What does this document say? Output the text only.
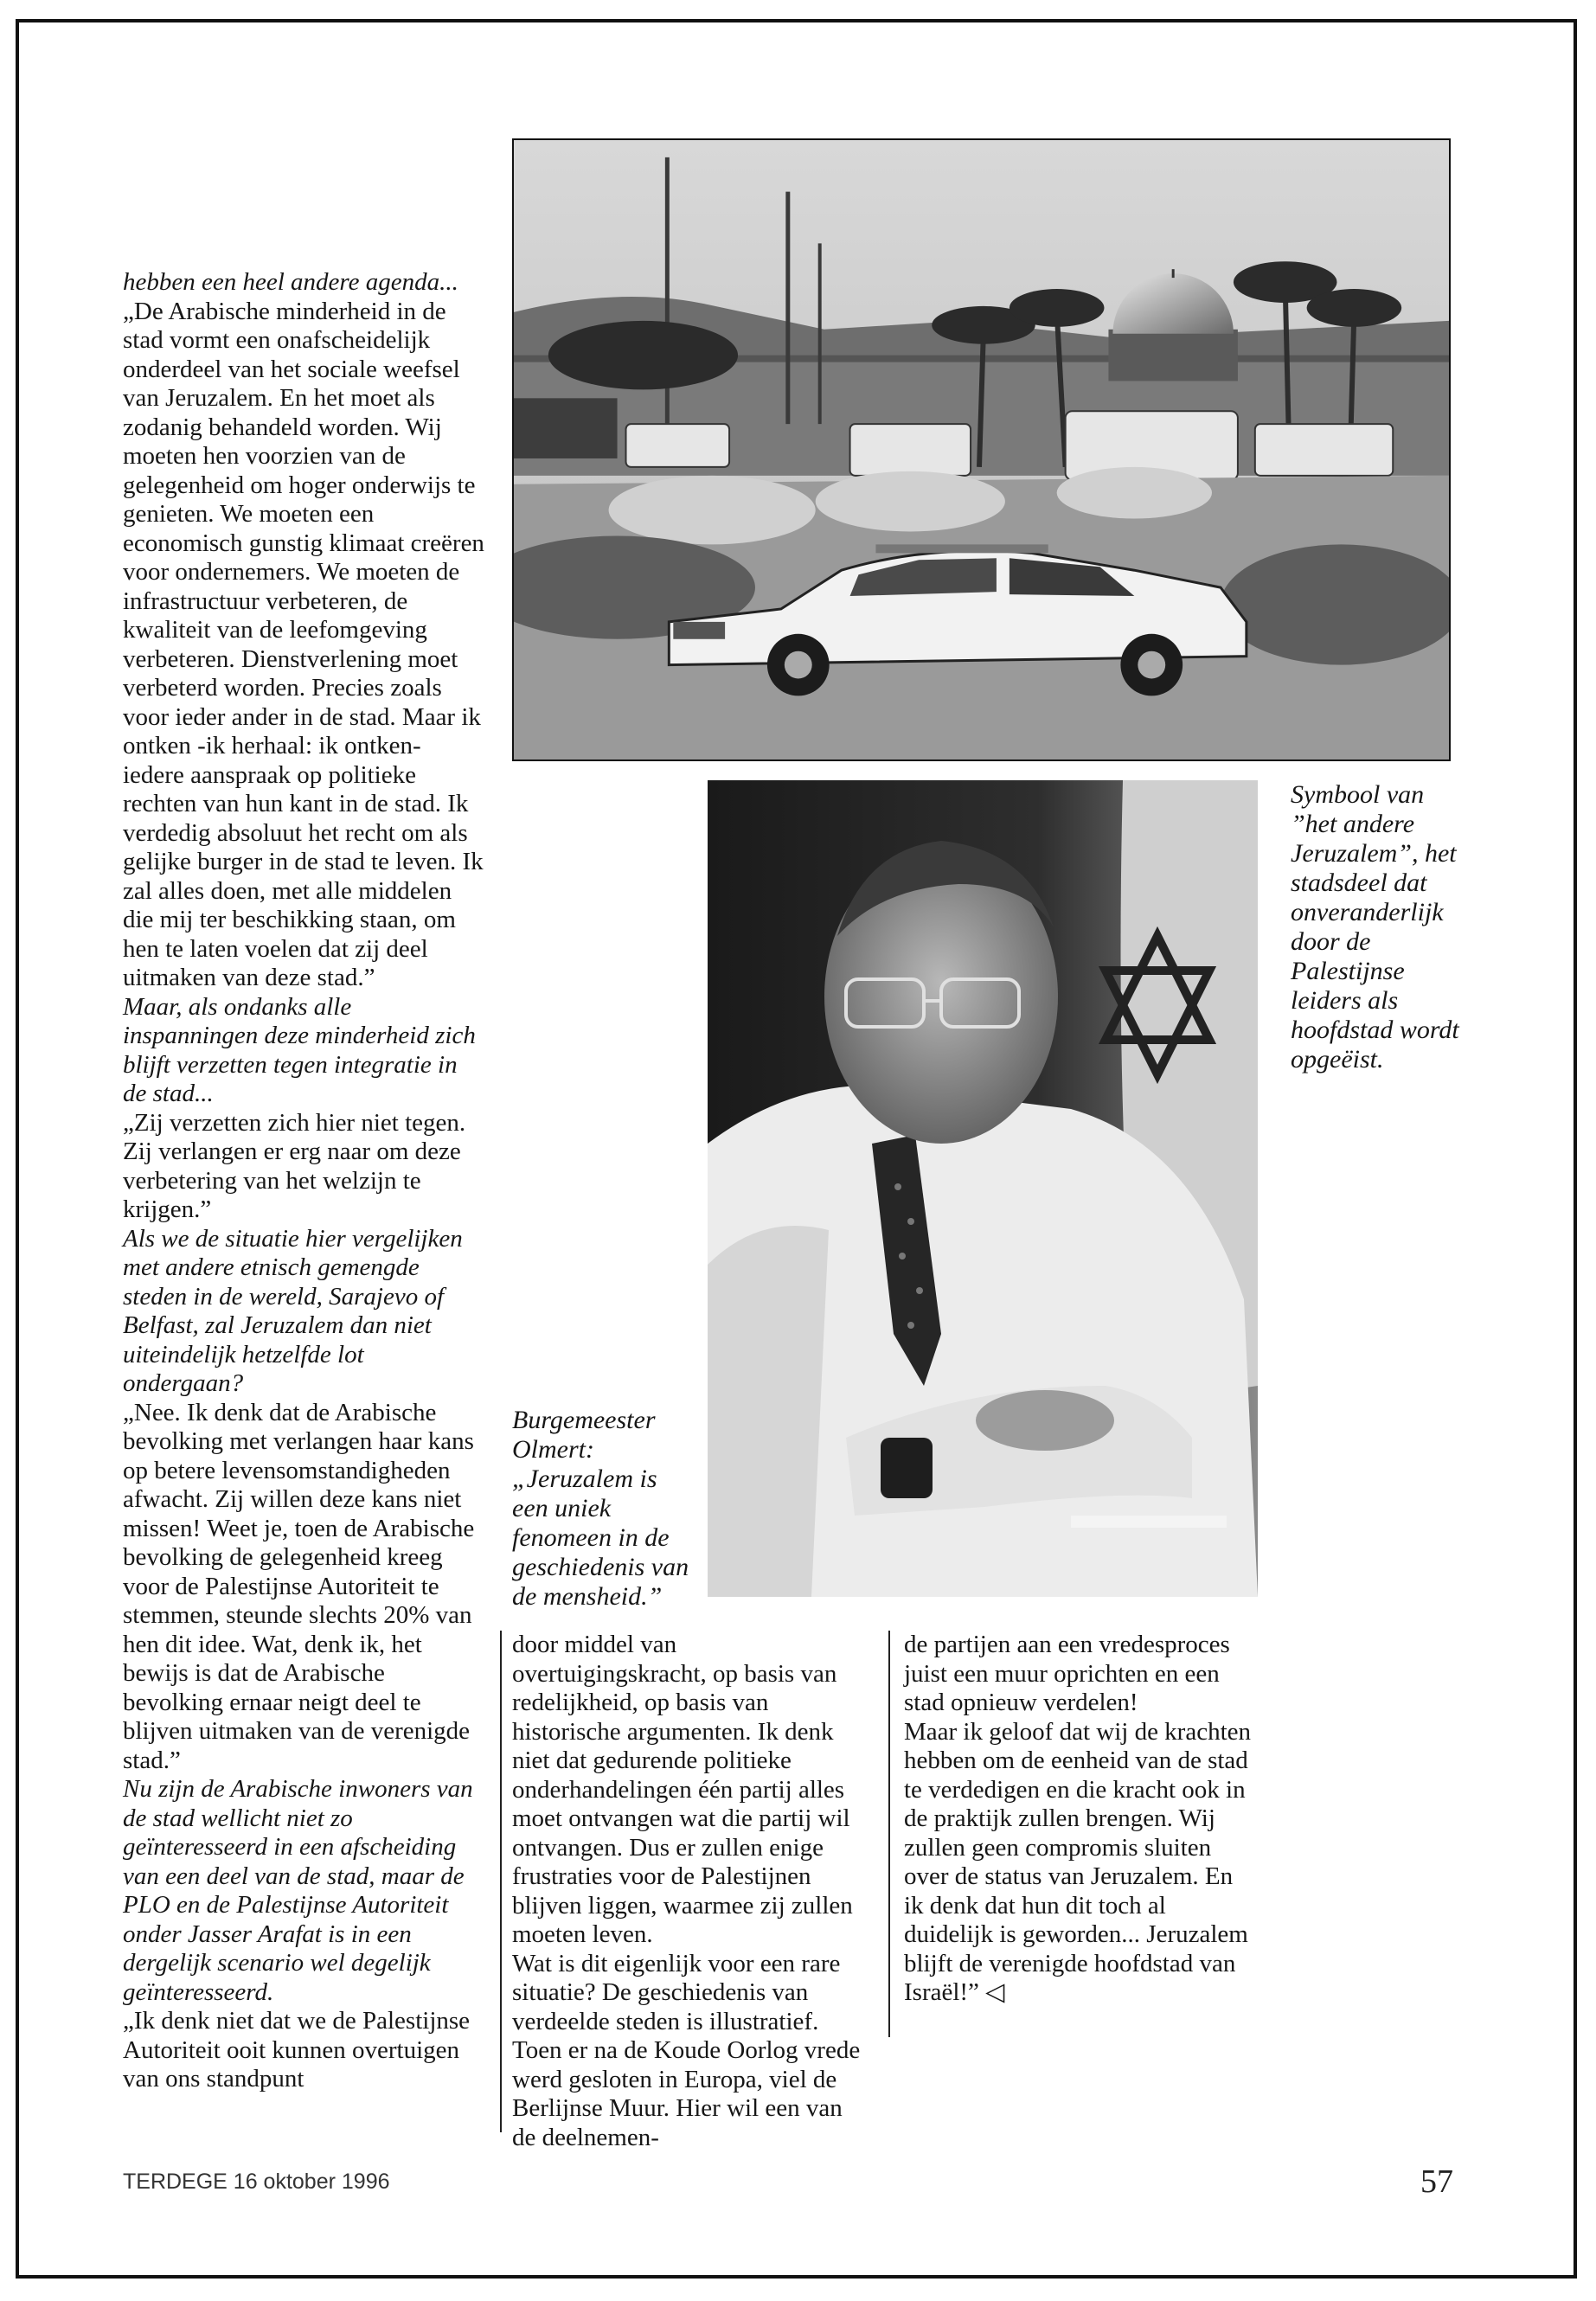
hebben een heel andere agenda...

„De Arabische minderheid in de stad vormt een onafscheidelijk onderdeel van het sociale weefsel van Jeruzalem. En het moet als zodanig behandeld worden. Wij moeten hen voorzien van de gelegenheid om hoger onderwijs te genieten. We moeten een economisch gunstig klimaat creëren voor ondernemers. We moeten de infrastructuur verbeteren, de kwaliteit van de leefomgeving verbeteren. Dienstverlening moet verbeterd worden. Precies zoals voor ieder ander in de stad. Maar ik ontken -ik herhaal: ik ontken- iedere aanspraak op politieke rechten van hun kant in de stad. Ik verdedig absoluut het recht om als gelijke burger in de stad te leven. Ik zal alles doen, met alle middelen die mij ter beschikking staan, om hen te laten voelen dat zij deel uitmaken van deze stad.”

Maar, als ondanks alle inspanningen deze minderheid zich blijft verzetten tegen integratie in de stad...

„Zij verzetten zich hier niet tegen. Zij verlangen er erg naar om deze verbetering van het welzijn te krijgen.”

Als we de situatie hier vergelijken met andere etnisch gemengde steden in de wereld, Sarajevo of Belfast, zal Jeruzalem dan niet uiteindelijk hetzelfde lot ondergaan?

„Nee. Ik denk dat de Arabische bevolking met verlangen haar kans op betere levensomstandigheden afwacht. Zij willen deze kans niet missen! Weet je, toen de Arabische bevolking de gelegenheid kreeg voor de Palestijnse Autoriteit te stemmen, steunde slechts 20% van hen dit idee. Wat, denk ik, het bewijs is dat de Arabische bevolking ernaar neigt deel te blijven uitmaken van de verenigde stad.”

Nu zijn de Arabische inwoners van de stad wellicht niet zo geïnteresseerd in een afscheiding van een deel van de stad, maar de PLO en de Palestijnse Autoriteit onder Jasser Arafat is in een dergelijk scenario wel degelijk geïnteresseerd.

„Ik denk niet dat we de Palestijnse Autoriteit ooit kunnen overtuigen van ons standpunt

Symbool van ”het andere Jeruzalem”, het stadsdeel dat onveranderlijk door de Palestijnse leiders als hoofdstad wordt opgeëist.
Burgemeester Olmert: „Jeruzalem is een uniek fenomeen in de geschiedenis van de mensheid.”

door middel van overtuigingskracht, op basis van redelijkheid, op basis van historische argumenten. Ik denk niet dat gedurende politieke onderhandelingen één partij alles moet ontvangen wat die partij wil ontvangen. Dus er zullen enige frustraties voor de Palestijnen blijven liggen, waarmee zij zullen moeten leven.

Wat is dit eigenlijk voor een rare situatie? De geschiedenis van verdeelde steden is illustratief. Toen er na de Koude Oorlog vrede werd gesloten in Europa, viel de Berlijnse Muur. Hier wil een van de deelnemen-

de partijen aan een vredesproces juist een muur oprichten en een stad opnieuw verdelen!

Maar ik geloof dat wij de krachten hebben om de eenheid van de stad te verdedigen en die kracht ook in de praktijk zullen brengen. Wij zullen geen compromis sluiten over de status van Jeruzalem. En ik denk dat hun dit toch al duidelijk is geworden... Jeruzalem blijft de verenigde hoofdstad van Israël!” ◁

TERDEGE 16 oktober 1996	57
